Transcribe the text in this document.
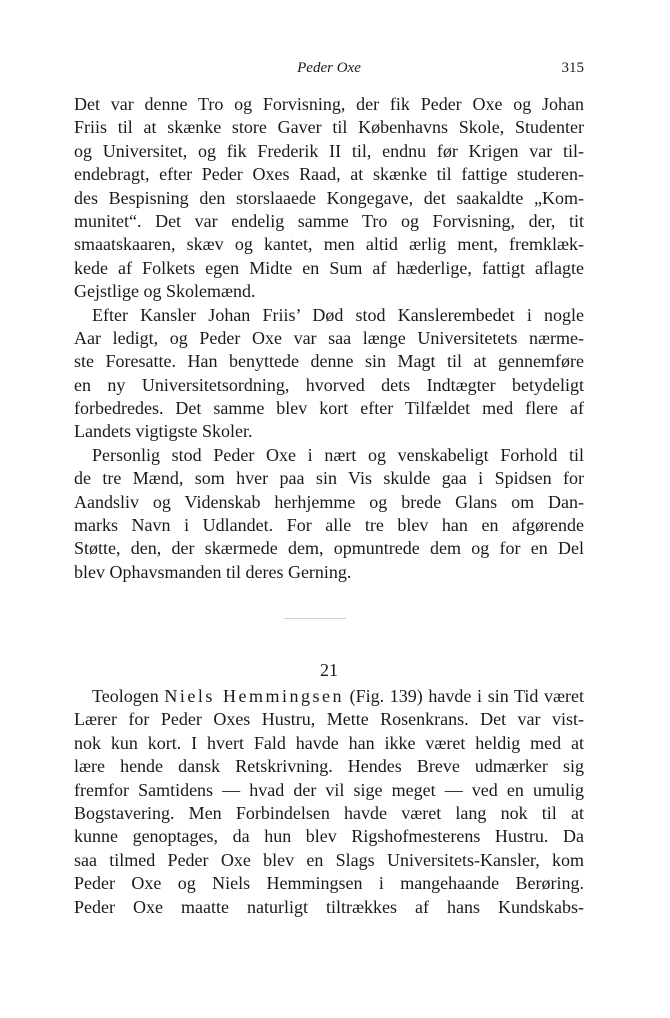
Peder Oxe	315
Det var denne Tro og Forvisning, der fik Peder Oxe og Johan
Friis til at skænke store Gaver til Københavns Skole, Studenter
og Universitet, og fik Frederik II til, endnu før Krigen var til-
endebragt, efter Peder Oxes Raad, at skænke til fattige studeren-
des Bespisning den storslaaede Kongegave, det saakaldte „Kom-
munitet“. Det var endelig samme Tro og Forvisning, der, tit
smaatskaaren, skæv og kantet, men altid ærlig ment, fremklæk-
kede af Folkets egen Midte en Sum af hæderlige, fattigt aflagte
Gejstlige og Skolemænd.
Efter Kansler Johan Friis’ Død stod Kanslerembedet i nogle
Aar ledigt, og Peder Oxe var saa længe Universitetets nærme-
ste Foresatte. Han benyttede denne sin Magt til at gennemføre
en ny Universitetsordning, hvorved dets Indtægter betydeligt
forbedredes. Det samme blev kort efter Tilfældet med flere af
Landets vigtigste Skoler.
Personlig stod Peder Oxe i nært og venskabeligt Forhold til
de tre Mænd, som hver paa sin Vis skulde gaa i Spidsen for
Aandsliv og Videnskab herhjemme og brede Glans om Dan-
marks Navn i Udlandet. For alle tre blev han en afgørende
Støtte, den, der skærmede dem, opmuntrede dem og for en Del
blev Ophavsmanden til deres Gerning.
21
Teologen Niels Hemmingsen (Fig. 139) havde i sin Tid været
Lærer for Peder Oxes Hustru, Mette Rosenkrans. Det var vist-
nok kun kort. I hvert Fald havde han ikke været heldig med at
lære hende dansk Retskrivning. Hendes Breve udmærker sig
fremfor Samtidens — hvad der vil sige meget — ved en umulig
Bogstavering. Men Forbindelsen havde været lang nok til at
kunne genoptages, da hun blev Rigshofmesterens Hustru. Da
saa tilmed Peder Oxe blev en Slags Universitets-Kansler, kom
Peder Oxe og Niels Hemmingsen i mangehaande Berøring.
Peder Oxe maatte naturligt tiltrækkes af hans Kundskabs-
